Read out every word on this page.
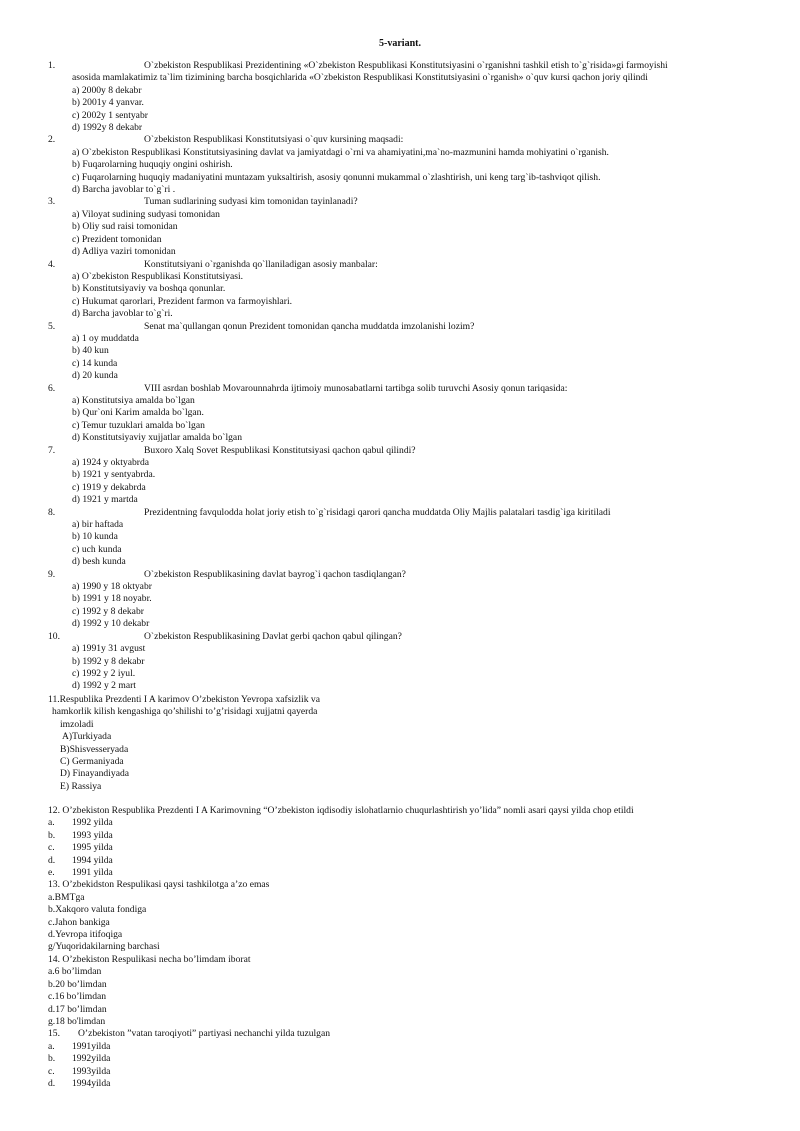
5-variant.
1.	O`zbekiston Respublikasi Prezidentining «O`zbekiston Respublikasi Konstitutsiyasini o`rganishni tashkil etish to`g`risida»gi farmoyishi
asosida mamlakatimiz ta`lim tizimining barcha bosqichlarida «O`zbekiston Respublikasi Konstitutsiyasini o`rganish» o`quv kursi qachon joriy qilindi
a) 2000y 8 dekabr
b) 2001y 4 yanvar.
c) 2002y 1 sentyabr
d) 1992y 8 dekabr
2.	O`zbekiston Respublikasi Konstitutsiyasi o`quv kursining maqsadi:
a) O`zbekiston Respublikasi Konstitutsiyasining davlat va jamiyatdagi o`rni va ahamiyatini,ma`no-mazmunini hamda mohiyatini o`rganish.
b) Fuqarolarning huquqiy ongini oshirish.
c) Fuqarolarning huquqiy madaniyatini muntazam yuksaltirish, asosiy qonunni mukammal o`zlashtirish, uni keng targ`ib-tashviqot qilish.
d) Barcha javoblar to`g`ri .
3.	Tuman sudlarining sudyasi kim tomonidan tayinlanadi?
a) Viloyat sudining sudyasi tomonidan
b) Oliy sud raisi tomonidan
c) Prezident tomonidan
d) Adliya vaziri tomonidan
4.	Konstitutsiyani o`rganishda qo`llaniladigan asosiy manbalar:
a) O`zbekiston Respublikasi Konstitutsiyasi.
b) Konstitutsiyaviy va boshqa qonunlar.
c) Hukumat qarorlari, Prezident farmon va farmoyishlari.
d) Barcha javoblar to`g`ri.
5.	Senat ma`qullangan qonun Prezident tomonidan qancha muddatda imzolanishi lozim?
a) 1 oy muddatda
b) 40 kun
c) 14 kunda
d) 20 kunda
6.	VIII asrdan boshlab Movarounnahrda ijtimoiy munosabatlarni tartibga solib turuvchi Asosiy qonun tariqasida:
a) Konstitutsiya amalda bo`lgan
b) Qur`oni Karim amalda bo`lgan.
c) Temur tuzuklari amalda bo`lgan
d) Konstitutsiyaviy xujjatlar amalda bo`lgan
7.	Buxoro Xalq Sovet Respublikasi Konstitutsiyasi qachon qabul qilindi?
a) 1924 y oktyabrda
b) 1921 y sentyabrda.
c) 1919 y dekabrda
d) 1921 y martda
8.	Prezidentning favqulodda holat joriy etish to`g`risidagi qarori qancha muddatda Oliy Majlis palatalari tasdig`iga kiritiladi
a) bir haftada
b) 10 kunda
c) uch kunda
d) besh kunda
9.	O`zbekiston Respublikasining davlat bayrog`i qachon tasdiqlangan?
a) 1990 y 18 oktyabr
b) 1991 y 18 noyabr.
c) 1992 y 8 dekabr
d) 1992 y 10 dekabr
10.	O`zbekiston Respublikasining Davlat gerbi qachon qabul qilingan?
a) 1991y 31 avgust
b) 1992 y 8 dekabr
c) 1992 y 2 iyul.
d) 1992 y 2 mart
11.Respublika Prezdenti I A karimov O’zbekiston Yevropa xafsizlik va
hamkorlik kilish kengashiga qo’shilishi to’g’risidagi xujjatni qayerda
imzoladi
A)Turkiyada
B)Shisvesseryada
C) Germaniyada
D) Finayandiyada
E) Rassiya
12. O’zbekiston Respublika Prezdenti I A Karimovning “O’zbekiston iqdisodiy islohatlarnio chuqurlashtirish yo’lida” nomli asari qaysi yilda chop etildi
a.	1992 yilda
b.	1993 yilda
c.	1995 yilda
d.	1994 yilda
e.	1991 yilda
13. O’zbekidston Respulikasi qaysi tashkilotga a’zo emas
a.BMTga
b.Xakqoro valuta fondiga
c.Jahon bankiga
d.Yevropa itifoqiga
g/Yuqoridakilarning barchasi
14. O’zbekiston Respulikasi necha bo’limdam iborat
a.6 bo’limdan
b.20 bo’limdan
c.16 bo’limdan
d.17 bo’limdan
g.18 bo'limdan
15.	O’zbekiston ”vatan taroqiyoti” partiyasi nechanchi yilda tuzulgan
a.	1991yilda
b.	1992yilda
c.	1993yilda
d.	1994yilda
